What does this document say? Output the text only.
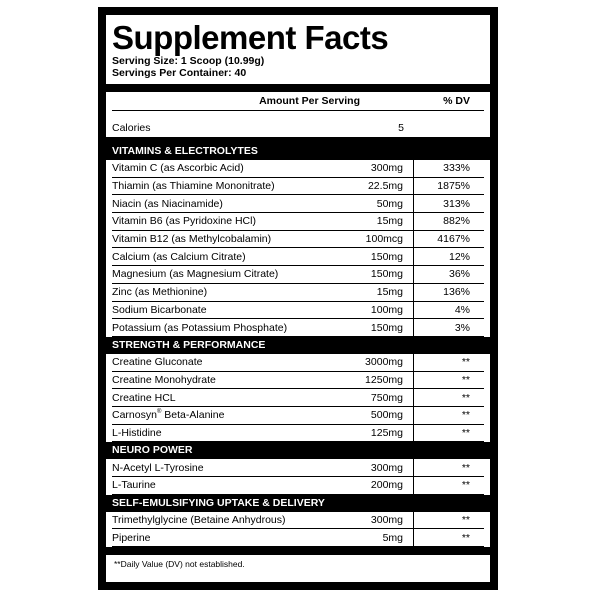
Supplement Facts
Serving Size: 1 Scoop (10.99g)
Servings Per Container: 40
Amount Per Serving	% DV
Calories	5
VITAMINS & ELECTROLYTES
Vitamin C (as Ascorbic Acid)	300mg	333%
Thiamin (as Thiamine Mononitrate)	22.5mg	1875%
Niacin (as Niacinamide)	50mg	313%
Vitamin B6 (as Pyridoxine HCl)	15mg	882%
Vitamin B12 (as Methylcobalamin)	100mcg	4167%
Calcium (as Calcium Citrate)	150mg	12%
Magnesium (as Magnesium Citrate)	150mg	36%
Zinc (as Methionine)	15mg	136%
Sodium Bicarbonate	100mg	4%
Potassium (as Potassium Phosphate)	150mg	3%
STRENGTH & PERFORMANCE
Creatine Gluconate	3000mg	**
Creatine Monohydrate	1250mg	**
Creatine HCL	750mg	**
Carnosyn® Beta-Alanine	500mg	**
L-Histidine	125mg	**
NEURO POWER
N-Acetyl L-Tyrosine	300mg	**
L-Taurine	200mg	**
SELF-EMULSIFYING UPTAKE & DELIVERY
Trimethylglycine (Betaine Anhydrous)	300mg	**
Piperine	5mg	**
**Daily Value (DV) not established.
